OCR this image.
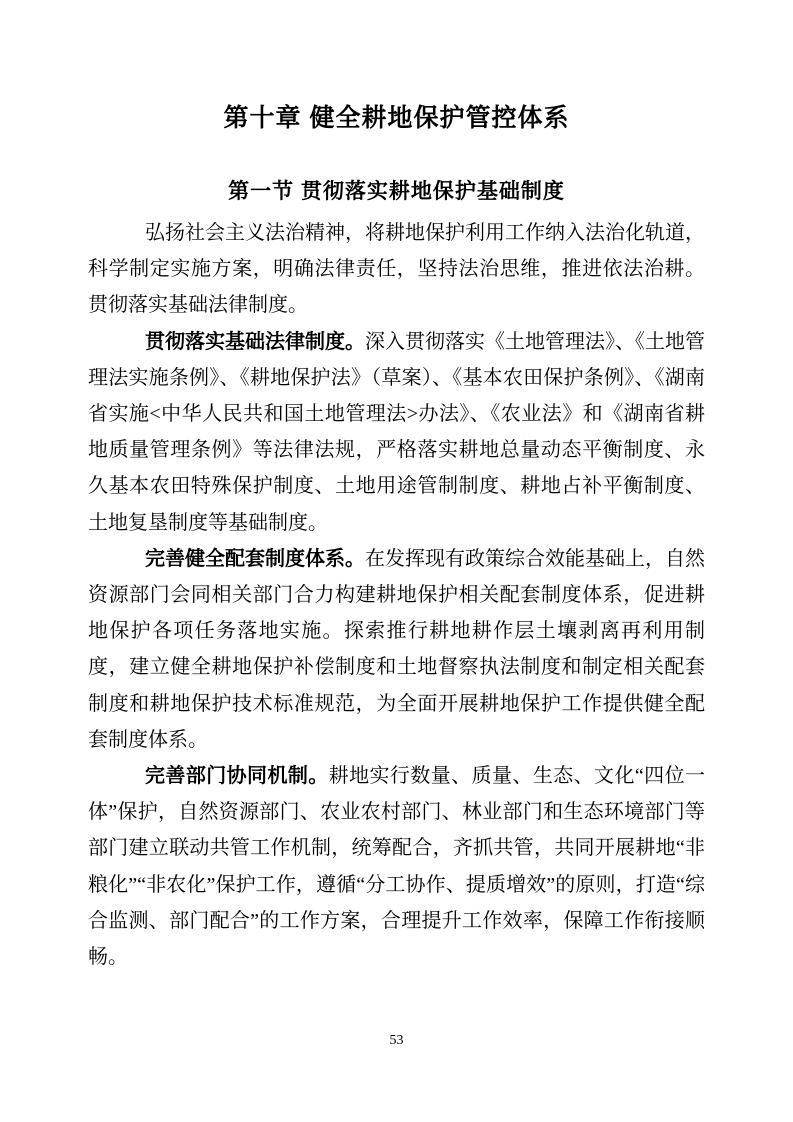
第十章 健全耕地保护管控体系
第一节 贯彻落实耕地保护基础制度

弘扬社会主义法治精神，将耕地保护利用工作纳入法治化轨道，科学制定实施方案，明确法律责任，坚持法治思维，推进依法治耕。贯彻落实基础法律制度。

贯彻落实基础法律制度。深入贯彻落实《土地管理法》、《土地管理法实施条例》、《耕地保护法》（草案）、《基本农田保护条例》、《湖南省实施<中华人民共和国土地管理法>办法》、《农业法》和《湖南省耕地质量管理条例》等法律法规，严格落实耕地总量动态平衡制度、永久基本农田特殊保护制度、土地用途管制制度、耕地占补平衡制度、土地复垦制度等基础制度。

完善健全配套制度体系。在发挥现有政策综合效能基础上，自然资源部门会同相关部门合力构建耕地保护相关配套制度体系，促进耕地保护各项任务落地实施。探索推行耕地耕作层土壤剥离再利用制度，建立健全耕地保护补偿制度和土地督察执法制度和制定相关配套制度和耕地保护技术标准规范，为全面开展耕地保护工作提供健全配套制度体系。

完善部门协同机制。耕地实行数量、质量、生态、文化“四位一体”保护，自然资源部门、农业农村部门、林业部门和生态环境部门等部门建立联动共管工作机制，统筹配合，齐抓共管，共同开展耕地“非粮化”“非农化”保护工作，遵循“分工协作、提质增效”的原则，打造“综合监测、部门配合”的工作方案，合理提升工作效率，保障工作衔接顺畅。

53
